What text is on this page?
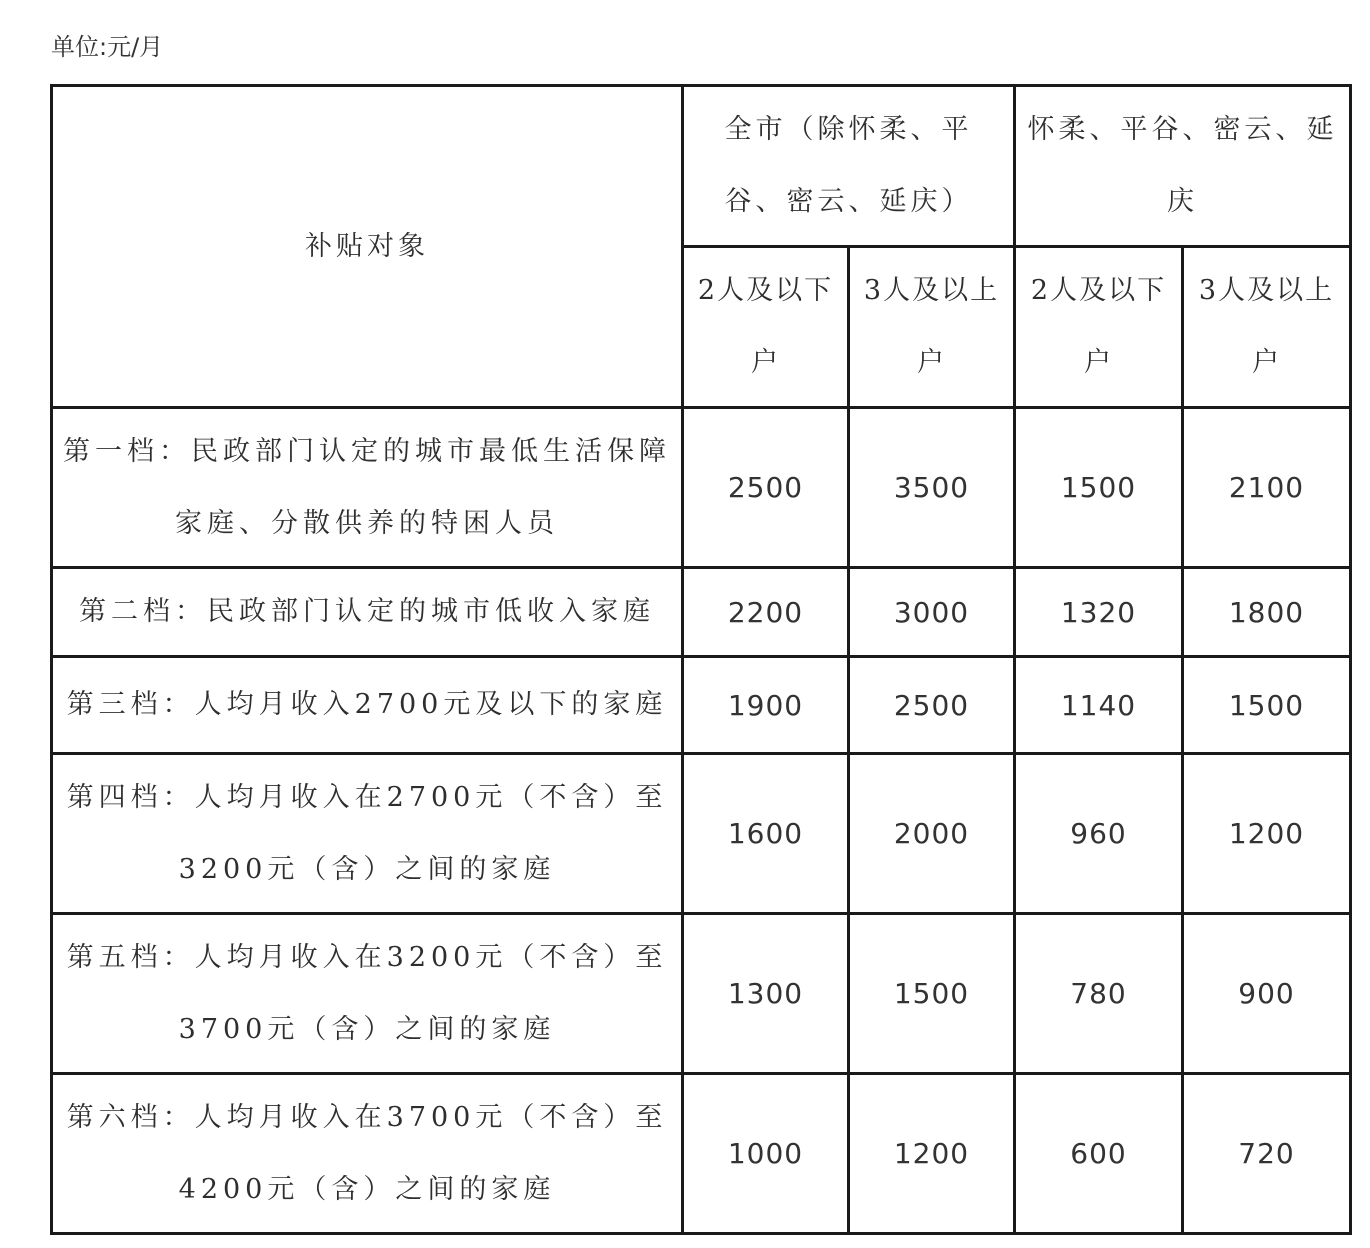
单位:元/月
补贴对象	全市（除怀柔、平谷、密云、延庆）		怀柔、平谷、密云、延庆	
	2人及以下户	3人及以上户	2人及以下户	3人及以上户
第一档：民政部门认定的城市最低生活保障家庭、分散供养的特困人员	2500	3500	1500	2100
第二档：民政部门认定的城市低收入家庭	2200	3000	1320	1800
第三档：人均月收入2700元及以下的家庭	1900	2500	1140	1500
第四档：人均月收入在2700元（不含）至3200元（含）之间的家庭	1600	2000	960	1200
第五档：人均月收入在3200元（不含）至3700元（含）之间的家庭	1300	1500	780	900
第六档：人均月收入在3700元（不含）至4200元（含）之间的家庭	1000	1200	600	720
